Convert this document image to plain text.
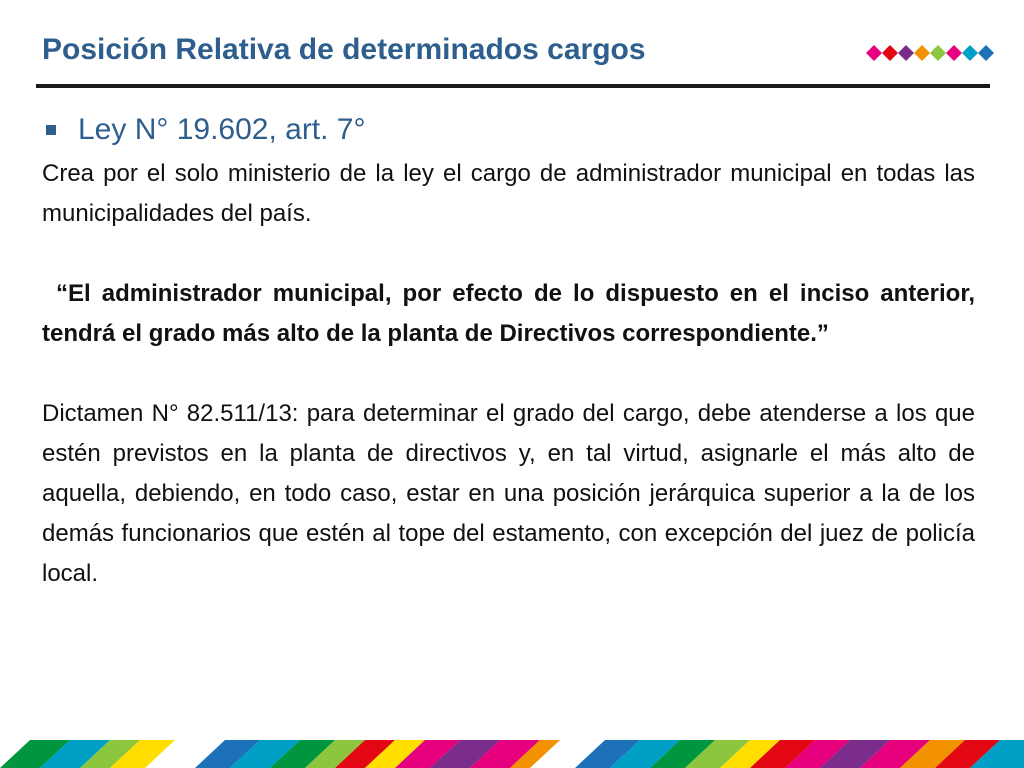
Posición Relativa de determinados cargos
Ley N° 19.602, art. 7°

Crea por el solo ministerio de la ley el cargo de administrador municipal en todas las municipalidades del país.

“El administrador municipal, por efecto de lo dispuesto en el inciso anterior, tendrá el grado más alto de la planta de Directivos correspondiente.”

Dictamen N° 82.511/13: para determinar el grado del cargo, debe atenderse a los que estén previstos en la planta de directivos y, en tal virtud, asignarle el más alto de aquella, debiendo, en todo caso, estar en una posición jerárquica superior a la de los demás funcionarios que estén al tope del estamento, con excepción del juez de policía local.
